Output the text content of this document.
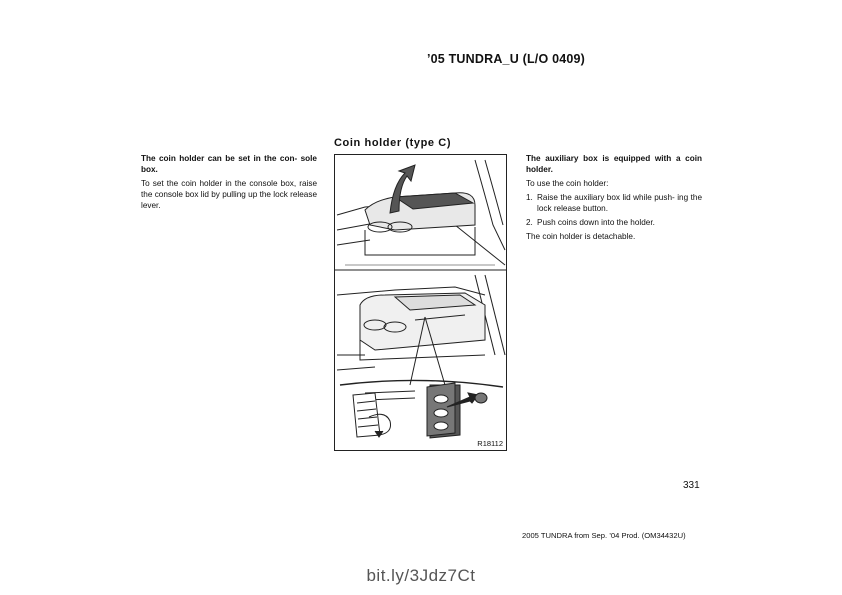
’05 TUNDRA_U (L/O 0409)
Coin holder (type C)

The coin holder can be set in the con- sole box.

To set the coin holder in the console box, raise the console box lid by pulling up the lock release lever.

R18112

The auxiliary box is equipped with a coin holder.

To use the coin holder:

1. Raise the auxiliary box lid while push- ing the lock release button.
2. Push coins down into the holder.

The coin holder is detachable.

331
2005 TUNDRA from Sep. ’04 Prod. (OM34432U)
bit.ly/3Jdz7Ct
